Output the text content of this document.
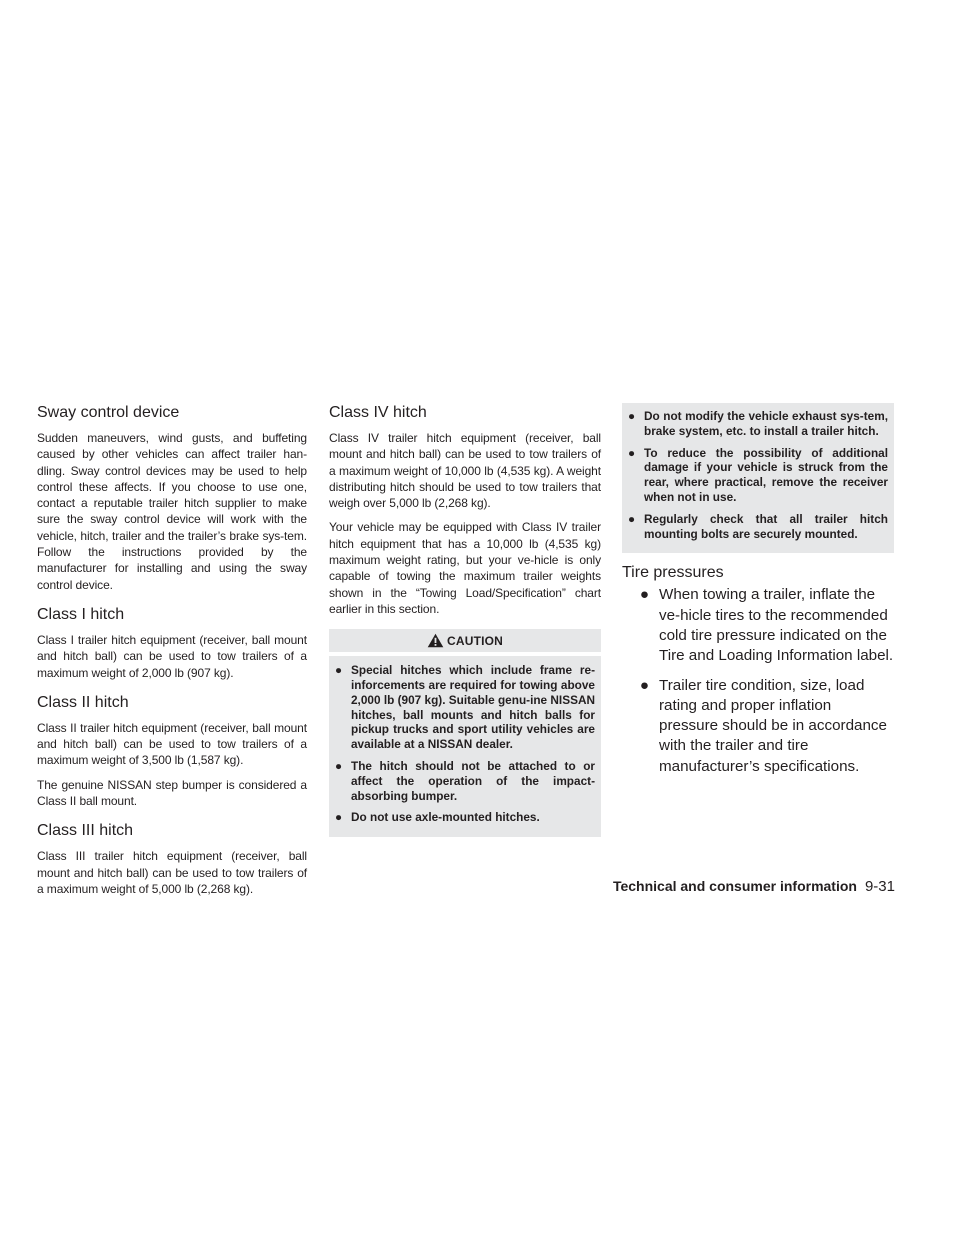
Sway control device

Sudden maneuvers, wind gusts, and buffeting caused by other vehicles can affect trailer han-dling. Sway control devices may be used to help control these affects. If you choose to use one, contact a reputable trailer hitch supplier to make sure the sway control device will work with the vehicle, hitch, trailer and the trailer’s brake sys-tem. Follow the instructions provided by the manufacturer for installing and using the sway control device.

Class I hitch

Class I trailer hitch equipment (receiver, ball mount and hitch ball) can be used to tow trailers of a maximum weight of 2,000 lb (907 kg).

Class II hitch

Class II trailer hitch equipment (receiver, ball mount and hitch ball) can be used to tow trailers of a maximum weight of 3,500 lb (1,587 kg).

The genuine NISSAN step bumper is considered a Class II ball mount.

Class III hitch

Class III trailer hitch equipment (receiver, ball mount and hitch ball) can be used to tow trailers of a maximum weight of 5,000 lb (2,268 kg).

Class IV hitch

Class IV trailer hitch equipment (receiver, ball mount and hitch ball) can be used to tow trailers of a maximum weight of 10,000 lb (4,535 kg). A weight distributing hitch should be used to tow trailers that weigh over 5,000 lb (2,268 kg).

Your vehicle may be equipped with Class IV trailer hitch equipment that has a 10,000 lb (4,535 kg) maximum weight rating, but your ve-hicle is only capable of towing the maximum trailer weights shown in the “Towing Load/Specification” chart earlier in this section.

CAUTION
● Special hitches which include frame re-inforcements are required for towing above 2,000 lb (907 kg). Suitable genu-ine NISSAN hitches, ball mounts and hitch balls for pickup trucks and sport utility vehicles are available at a NISSAN dealer.
● The hitch should not be attached to or affect the operation of the impact-absorbing bumper.
● Do not use axle-mounted hitches.
● Do not modify the vehicle exhaust sys-tem, brake system, etc. to install a trailer hitch.
● To reduce the possibility of additional damage if your vehicle is struck from the rear, where practical, remove the receiver when not in use.
● Regularly check that all trailer hitch mounting bolts are securely mounted.
Tire pressures
● When towing a trailer, inflate the ve-hicle tires to the recommended cold tire pressure indicated on the Tire and Loading Information label.
● Trailer tire condition, size, load rating and proper inflation pressure should be in accordance with the trailer and tire manufacturer’s specifications.
Technical and consumer information 9-31
